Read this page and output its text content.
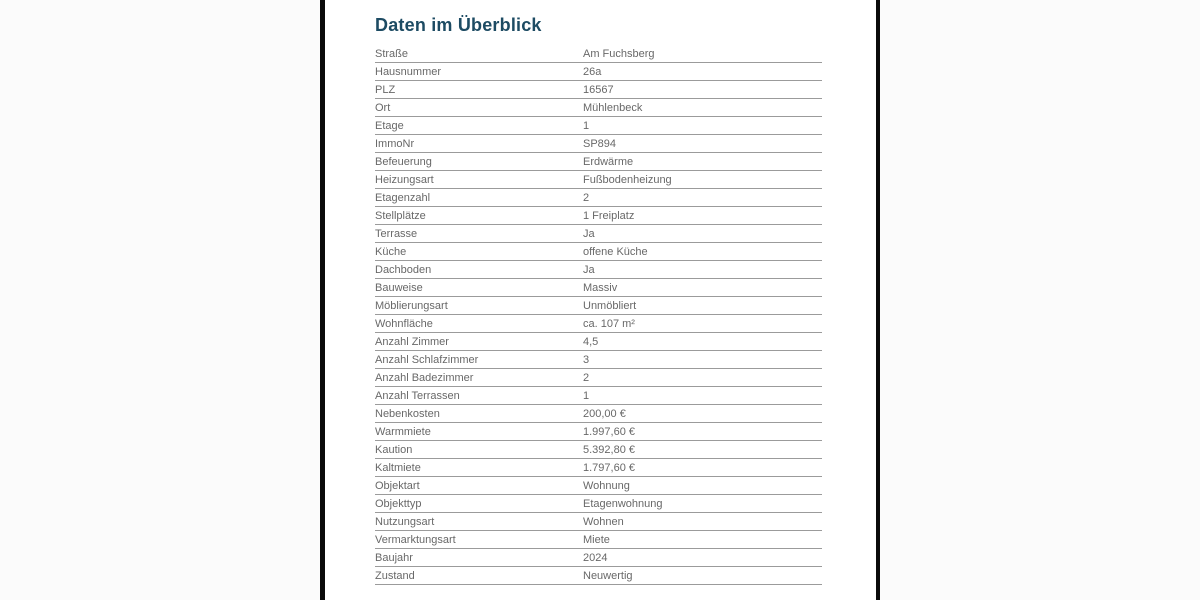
Daten im Überblick
Straße	Am Fuchsberg
Hausnummer	26a
PLZ	16567
Ort	Mühlenbeck
Etage	1
ImmoNr	SP894
Befeuerung	Erdwärme
Heizungsart	Fußbodenheizung
Etagenzahl	2
Stellplätze	1 Freiplatz
Terrasse	Ja
Küche	offene Küche
Dachboden	Ja
Bauweise	Massiv
Möblierungsart	Unmöbliert
Wohnfläche	ca. 107 m²
Anzahl Zimmer	4,5
Anzahl Schlafzimmer	3
Anzahl Badezimmer	2
Anzahl Terrassen	1
Nebenkosten	200,00 €
Warmmiete	1.997,60 €
Kaution	5.392,80 €
Kaltmiete	1.797,60 €
Objektart	Wohnung
Objekttyp	Etagenwohnung
Nutzungsart	Wohnen
Vermarktungsart	Miete
Baujahr	2024
Zustand	Neuwertig
